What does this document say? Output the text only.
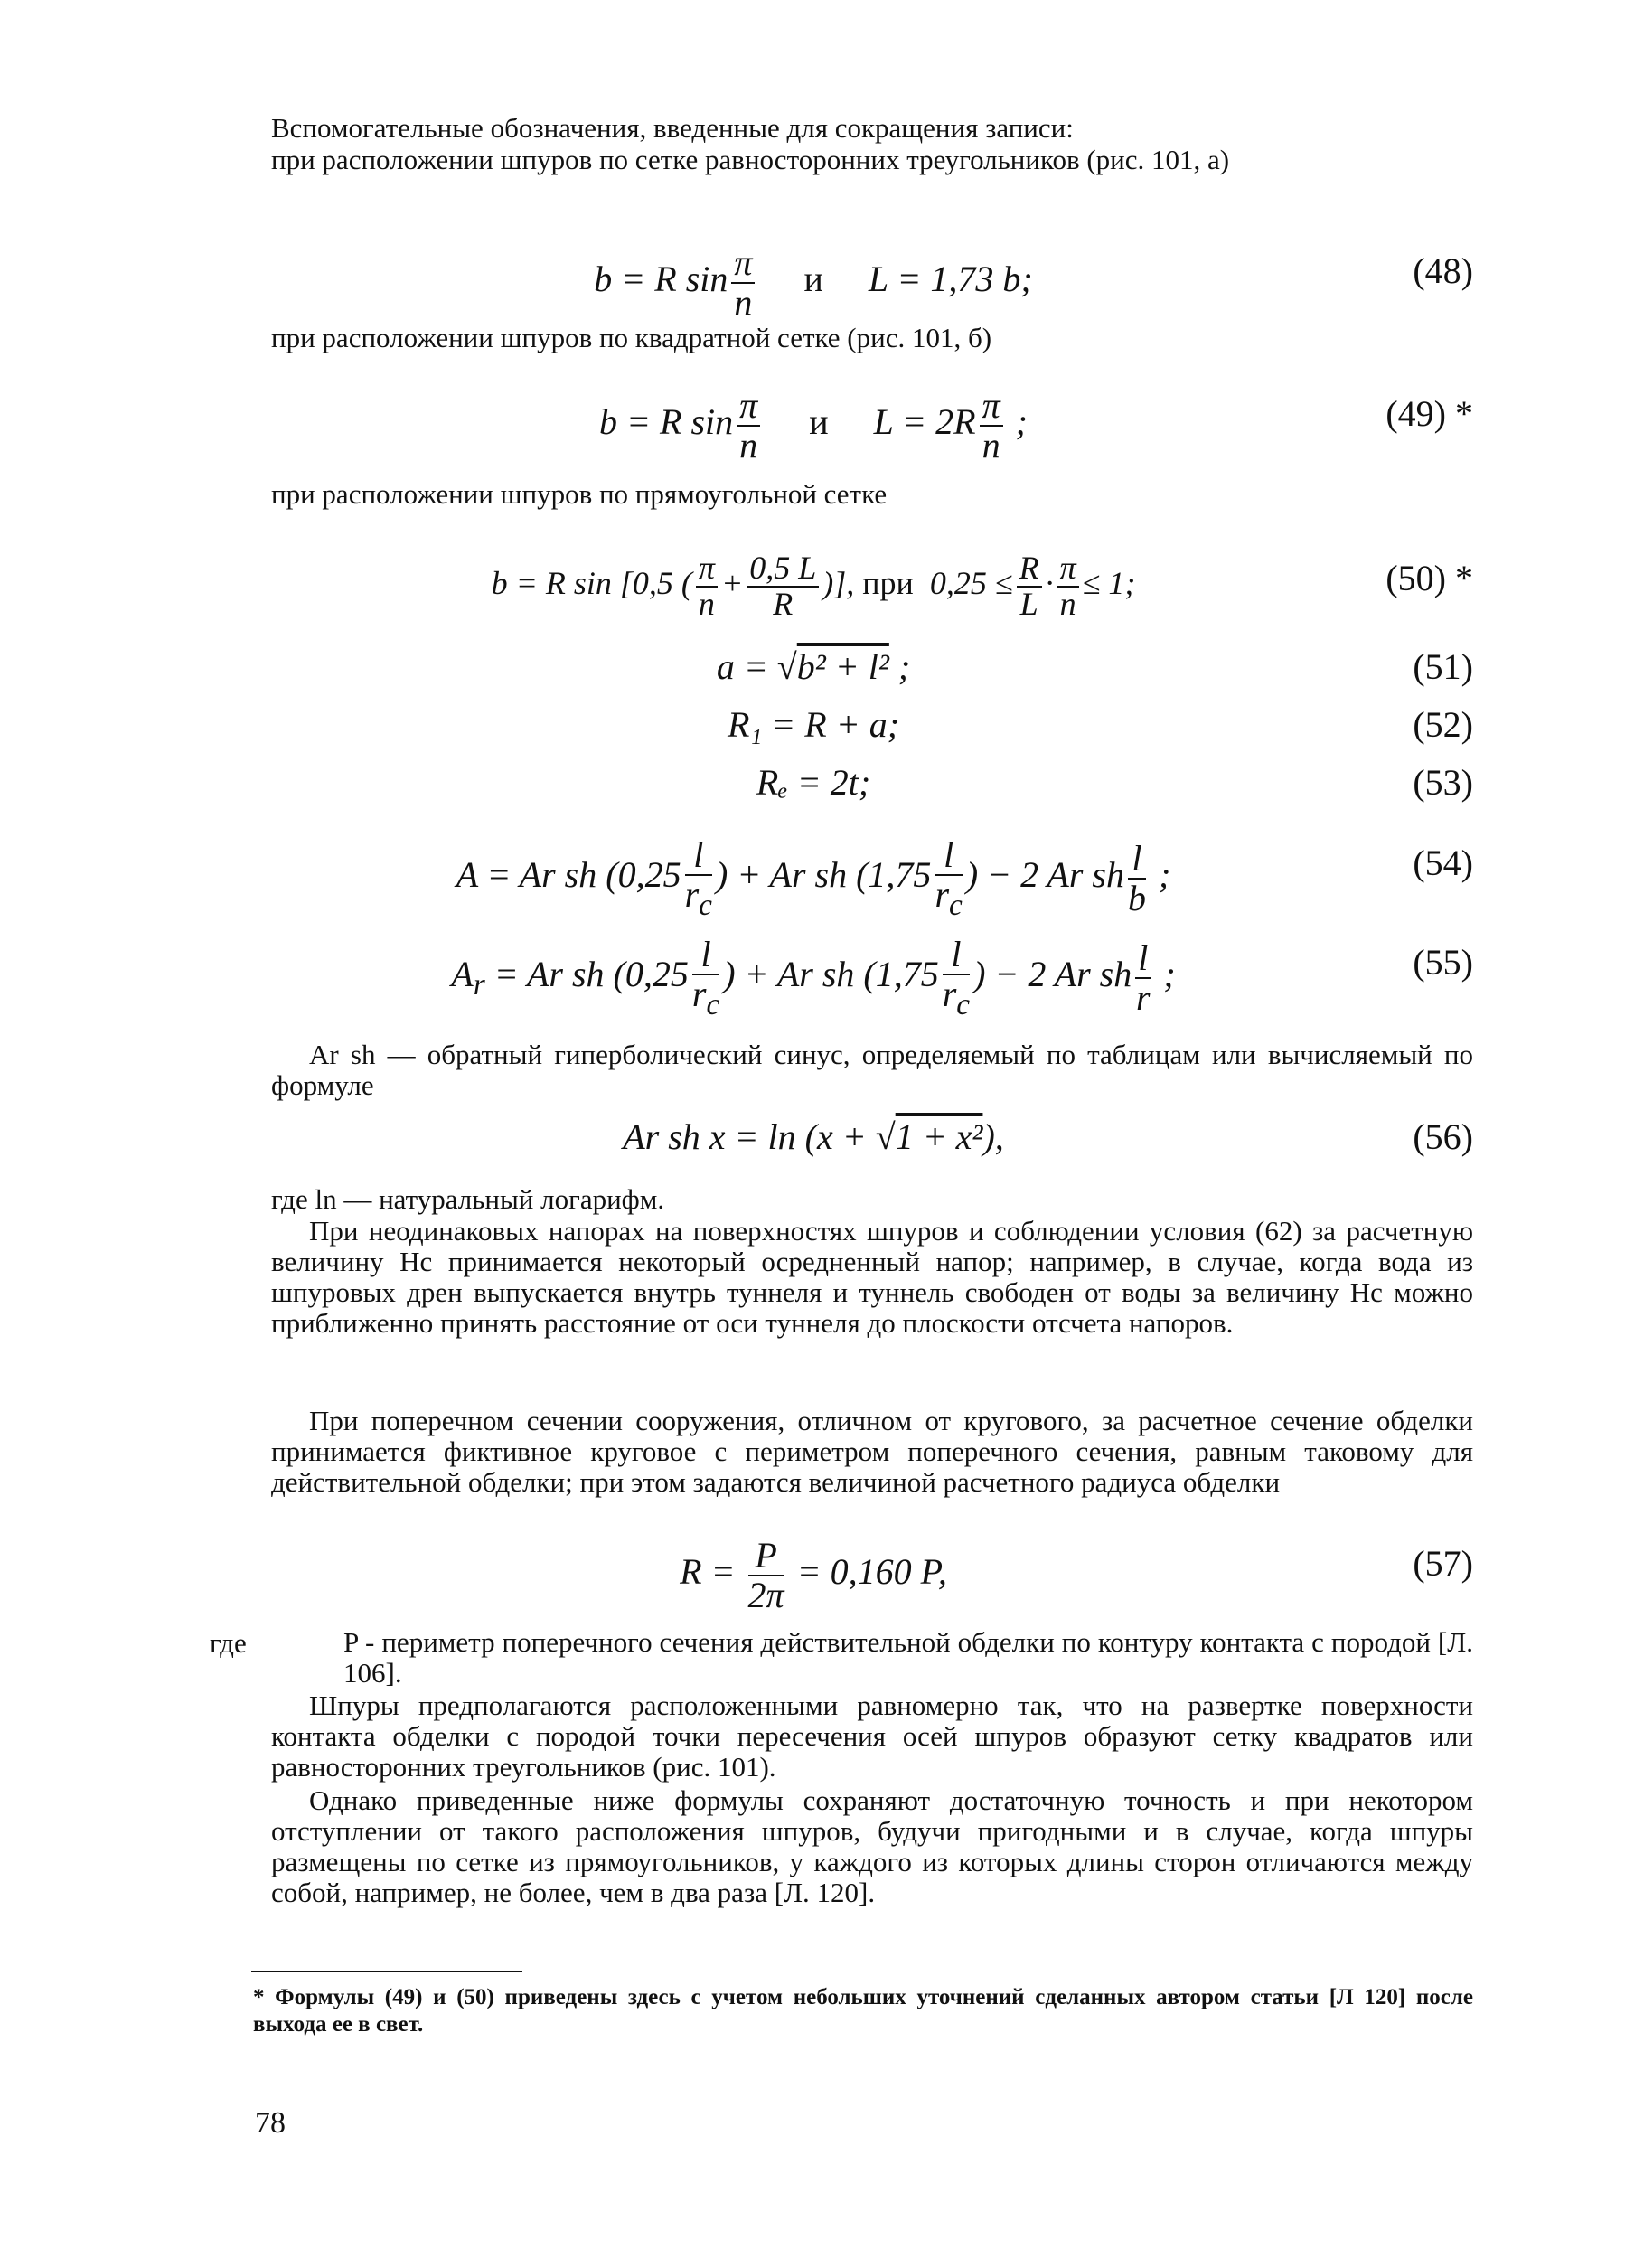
Вспомогательные обозначения, введенные для сокращения записи:
при расположении шпуров по сетке равносторонних треугольников (рис. 101, а)
b = R $\sin \frac{\pi}{n}$ и     L = 1,73 b;	(48)
при расположении шпуров по квадратной сетке (рис. 101, б)
b = R $\sin \frac{\pi}{n}$ и     $L = 2R \frac{\pi}{n}$ ;	(49) *
при расположении шпуров по прямоугольной сетке
b = R sin [0,5 ( $\frac{\pi}{n} + \frac{0,5 L}{R}$ )], при  $0,25 \le \frac{R}{L} \cdot \frac{\pi}{n} \le 1$;	(50) *
a = √b² + l² ;	(51)
R₁ = R + a;	(52)
Rₑ = 2t;	(53)
A = Ar sh ($0,25 \frac{l}{r_c}$ ) + Ar sh ($1,75 \frac{l}{r_c}$ ) − 2 Ar sh $\frac{l}{b}$ ;	(54)
$A_r = Ar$ sh ($0,25 \frac{l}{r_c}$ ) + Ar sh ($1,75 \frac{l}{r_c}$ ) − 2 Ar sh $\frac{l}{r}$ ;	(55)
Ar sh — обратный гиперболический синус, определяемый по таблицам или вычисляемый по формуле
Ar sh x = ln (x + √1 + x²),	(56)
где ln — натуральный логарифм.
При неодинаковых напорах на поверхностях шпуров и соблюдении условия (62) за расчетную величину Hc принимается некоторый осредненный напор; например, в случае, когда вода из шпуровых дрен выпускается внутрь туннеля и туннель свободен от воды за величину Hc можно приближенно принять расстояние от оси туннеля до плоскости отсчета напоров.
При поперечном сечении сооружения, отличном от кругового, за расчетное сечение обделки принимается фиктивное круговое с периметром поперечного сечения, равным таковому для действительной обделки; при этом задаются величиной расчетного радиуса обделки
$R = \frac{P}{2\pi} = 0,160$ P,	(57)
где	P - периметр поперечного сечения действительной обделки по контуру контакта с породой [Л. 106].
Шпуры предполагаются расположенными равномерно так, что на развертке поверхности контакта обделки с породой точки пересечения осей шпуров образуют сетку квадратов или равносторонних треугольников (рис. 101).
Однако приведенные ниже формулы сохраняют достаточную точность и при некотором отступлении от такого расположения шпуров, будучи пригодными и в случае, когда шпуры размещены по сетке из прямоугольников, у каждого из которых длины сторон отличаются между собой, например, не более, чем в два раза [Л. 120].
* Формулы (49) и (50) приведены здесь с учетом небольших уточнений сделанных автором статьи [Л 120] после выхода ее в свет.
78
